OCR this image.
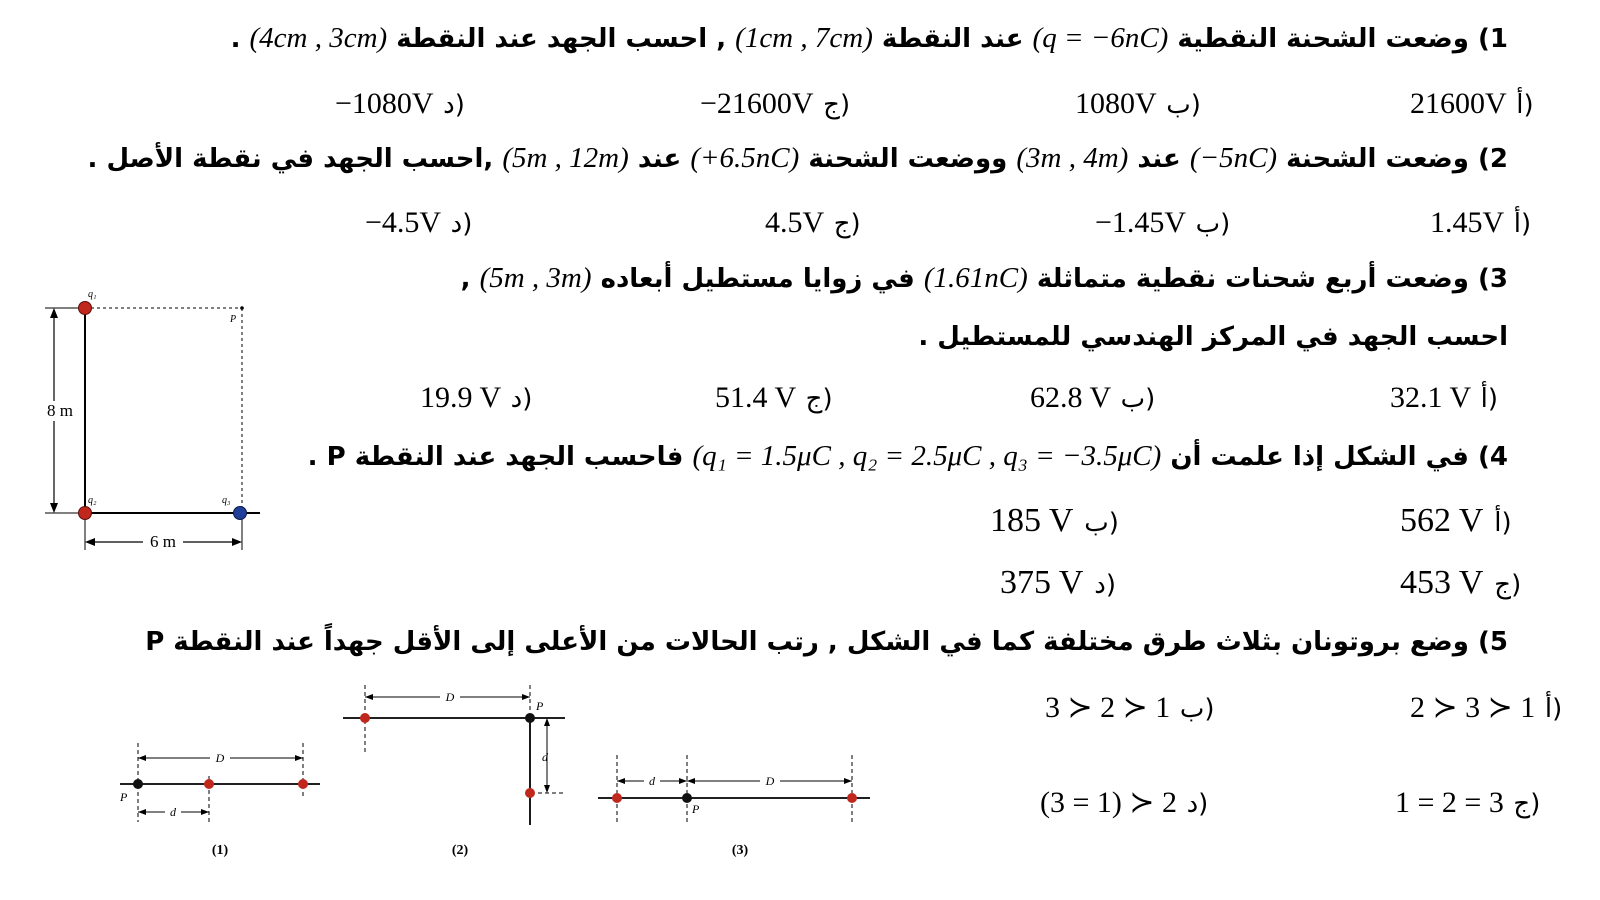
1) وضعت الشحنة النقطية (q = −6nC) عند النقطة (1cm , 7cm) , احسب الجهد عند النقطة (4cm , 3cm) .
21600V أ)
1080V ب)
−21600V ج)
−1080V د)
2) وضعت الشحنة (−5nC) عند (3m , 4m) ووضعت الشحنة (+6.5nC) عند (5m , 12m) ,احسب الجهد في نقطة الأصل .
1.45V أ)
−1.45V ب)
4.5V ج)
−4.5V د)
3) وضعت أربع شحنات نقطية متماثلة (1.61nC) في زوايا مستطيل أبعاده (5m , 3m) ,
احسب الجهد في المركز الهندسي للمستطيل .
32.1 V أ)
62.8 V ب)
51.4 V ج)
19.9 V د)
4) في الشكل إذا علمت أن (q₁ = 1.5μC , q₂ = 2.5μC , q₃ = −3.5μC) فاحسب الجهد عند النقطة P .
562 V أ)
185 V ب)
453 V ج)
375 V د)
5) وضع بروتونان بثلاث طرق مختلفة كما في الشكل , رتب الحالات من الأعلى إلى الأقل جهداً عند النقطة P
2 ≻ 3 ≻ 1 أ)
3 ≻ 2 ≻ 1 ب)
1 = 2 = 3 ج)
(3 = 1) ≻ 2 د)
8 m
6 m
q₁
q₂	q₃
P
D
d
P
(1)
D
d
P
(2)
d	D
P
(3)
